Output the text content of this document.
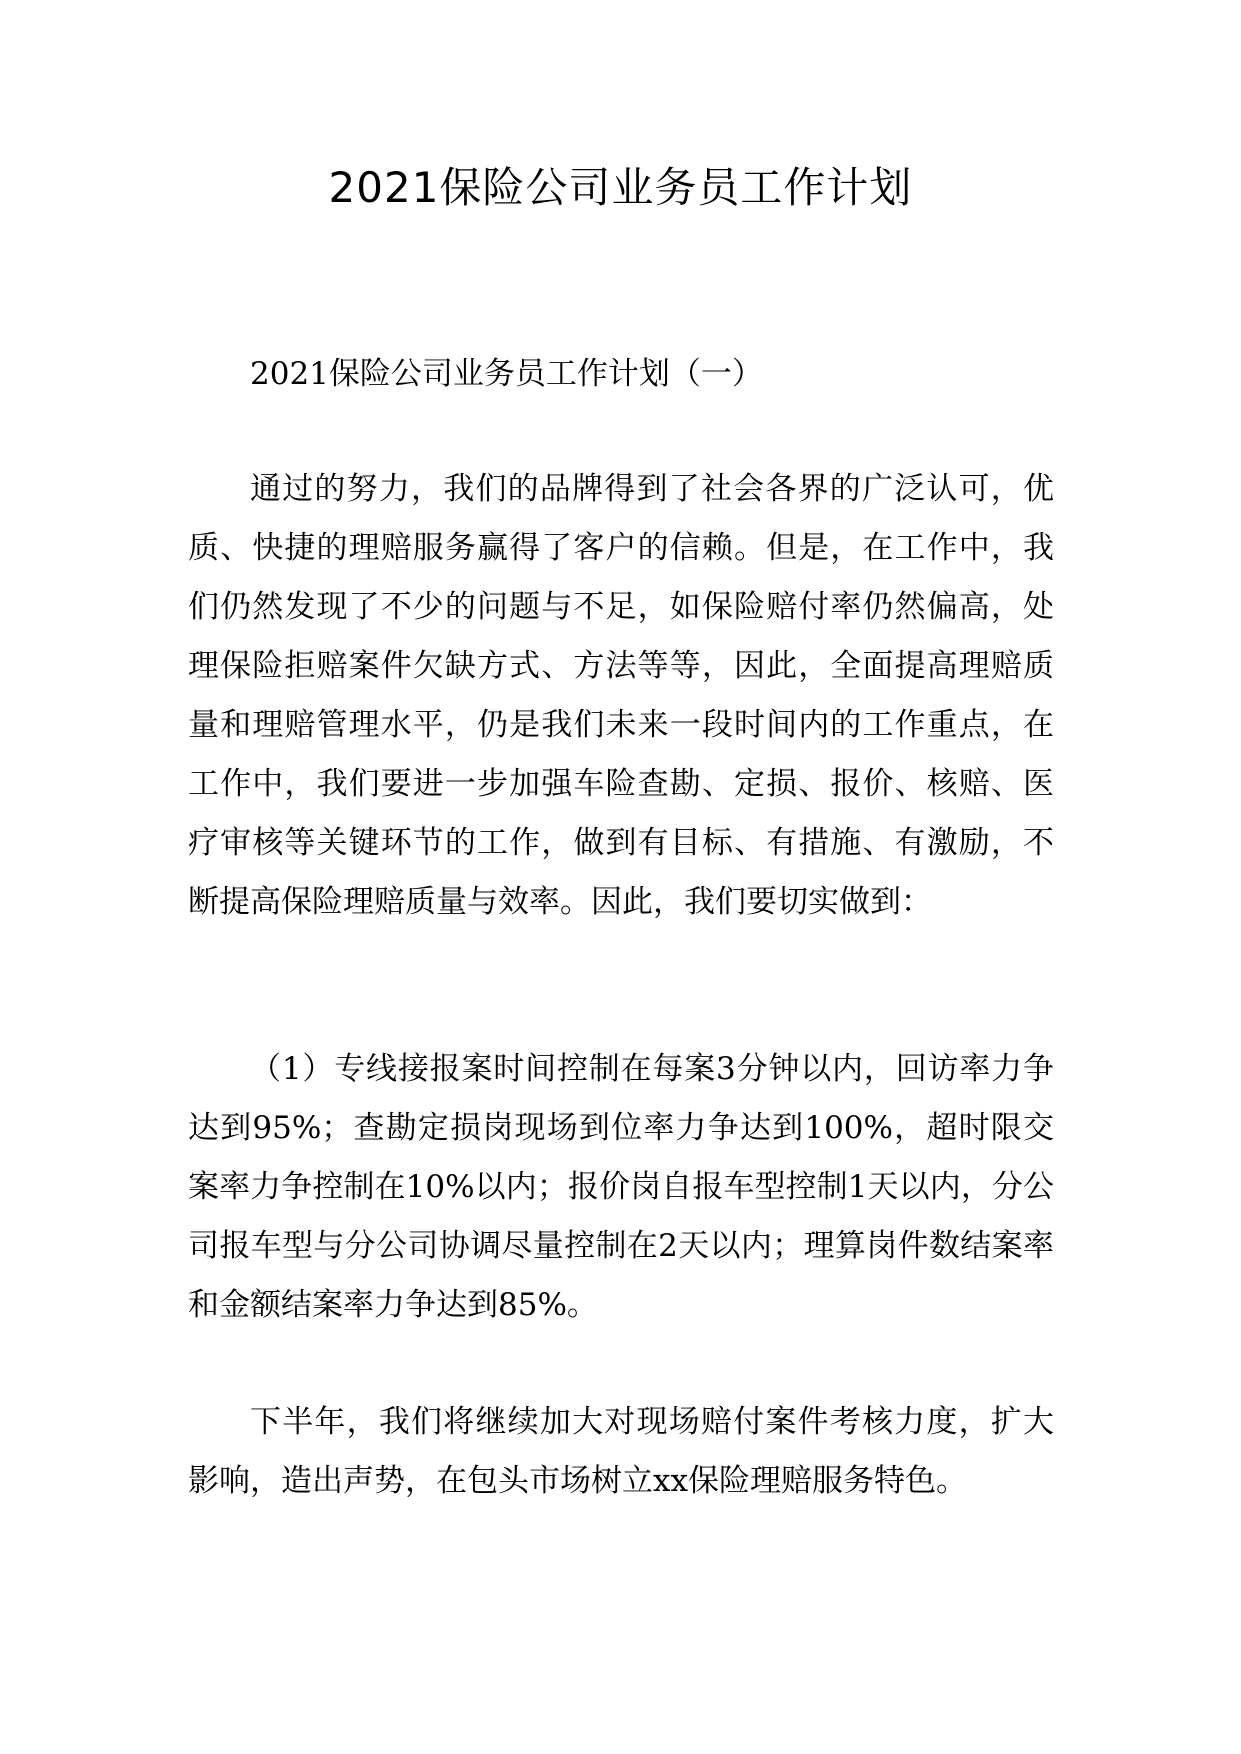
2021保险公司业务员工作计划

2021保险公司业务员工作计划（一）

通过的努力，我们的品牌得到了社会各界的广泛认可，优质、快捷的理赔服务赢得了客户的信赖。但是，在工作中，我们仍然发现了不少的问题与不足，如保险赔付率仍然偏高，处理保险拒赔案件欠缺方式、方法等等，因此，全面提高理赔质量和理赔管理水平，仍是我们未来一段时间内的工作重点，在工作中，我们要进一步加强车险查勘、定损、报价、核赔、医疗审核等关键环节的工作，做到有目标、有措施、有激励，不断提高保险理赔质量与效率。因此，我们要切实做到：

（1）专线接报案时间控制在每案3分钟以内，回访率力争达到95%；查勘定损岗现场到位率力争达到100%，超时限交案率力争控制在10%以内；报价岗自报车型控制1天以内，分公司报车型与分公司协调尽量控制在2天以内；理算岗件数结案率和金额结案率力争达到85%。

下半年，我们将继续加大对现场赔付案件考核力度，扩大影响，造出声势，在包头市场树立xx保险理赔服务特色。
